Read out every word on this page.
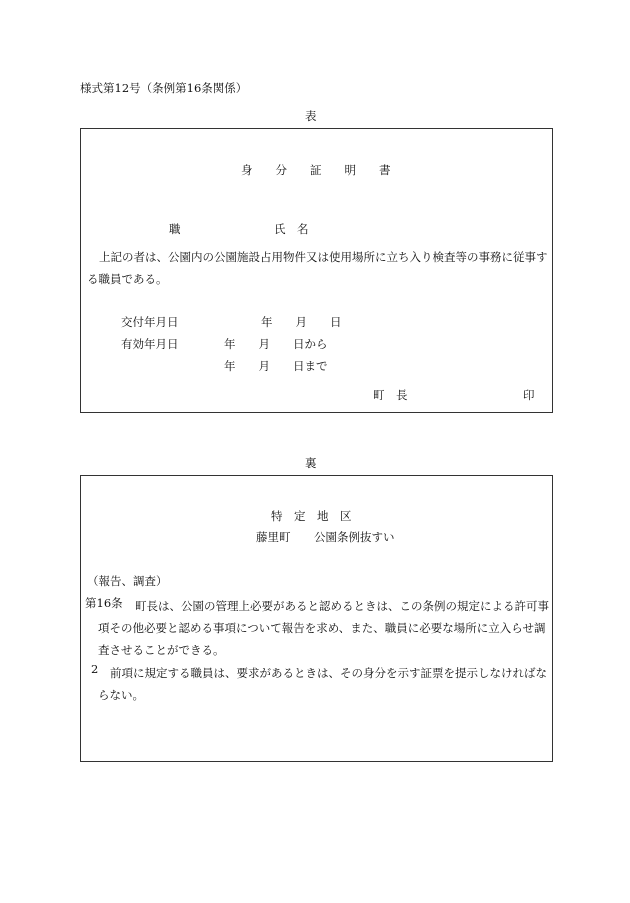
様式第12号（条例第16条関係）
表
身　　分　　証　　明　　書
職	氏　名
上記の者は、公園内の公園施設占用物件又は使用場所に立ち入り検査等の事務に従事する職員である。
交付年月日	年　　月　　日
有効年月日	年　　月　　日から
年　　月　　日まで
町　長	印
裏
特　定　地　区
藤里町 公園条例抜すい
（報告、調査）
第16条	町長は、公園の管理上必要があると認めるときは、この条例の規定による許可事項その他必要と認める事項について報告を求め、また、職員に必要な場所に立入らせ調査させることができる。
2	前項に規定する職員は、要求があるときは、その身分を示す証票を提示しなければならない。
